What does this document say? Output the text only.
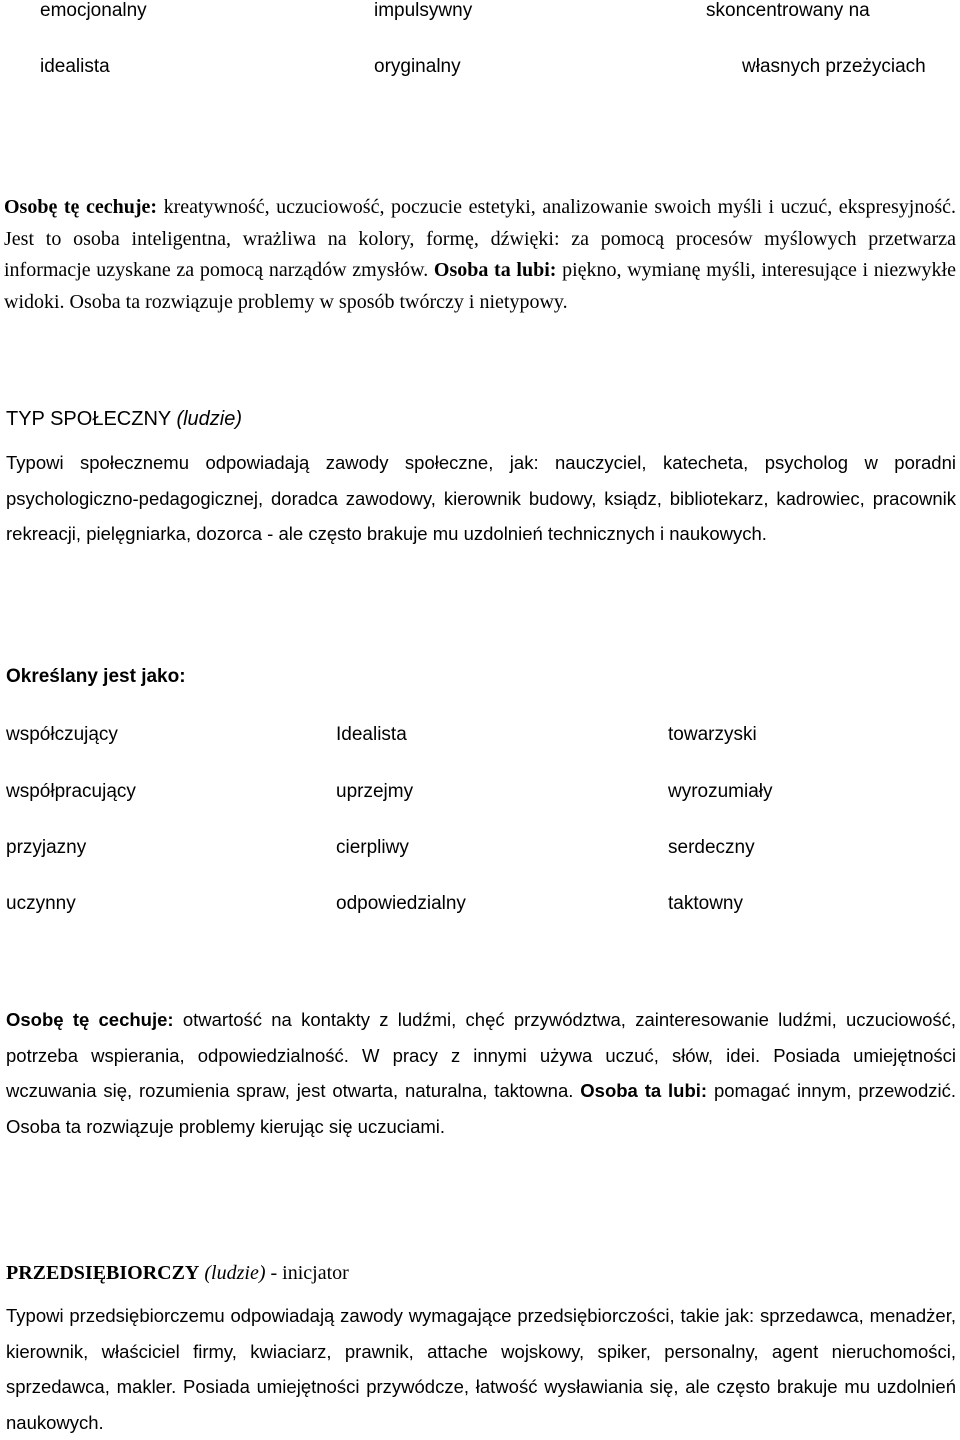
emocjonalny	impulsywny	skoncentrowany na
idealista	oryginalny	własnych przeżyciach
Osobę tę cechuje: kreatywność, uczuciowość, poczucie estetyki, analizowanie swoich myśli i uczuć, ekspresyjność. Jest to osoba inteligentna, wrażliwa na kolory, formę, dźwięki: za pomocą procesów myślowych przetwarza informacje uzyskane za pomocą narządów zmysłów. Osoba ta lubi: piękno, wymianę myśli, interesujące i niezwykłe widoki. Osoba ta rozwiązuje problemy w sposób twórczy i nietypowy.
TYP SPOŁECZNY (ludzie)
Typowi społecznemu odpowiadają zawody społeczne, jak: nauczyciel, katecheta, psycholog w poradni psychologiczno-pedagogicznej, doradca zawodowy, kierownik budowy, ksiądz, bibliotekarz, kadrowiec, pracownik rekreacji, pielęgniarka, dozorca - ale często brakuje mu uzdolnień technicznych i naukowych.
Określany jest jako:
współczujący	Idealista	towarzyski
współpracujący	uprzejmy	wyrozumiały
przyjazny	cierpliwy	serdeczny
uczynny	odpowiedzialny	taktowny
Osobę tę cechuje: otwartość na kontakty z ludźmi, chęć przywództwa, zainteresowanie ludźmi, uczuciowość, potrzeba wspierania, odpowiedzialność. W pracy z innymi używa uczuć, słów, idei. Posiada umiejętności wczuwania się, rozumienia spraw, jest otwarta, naturalna, taktowna. Osoba ta lubi: pomagać innym, przewodzić. Osoba ta rozwiązuje problemy kierując się uczuciami.
PRZEDSIĘBIORCZY (ludzie) - inicjator
Typowi przedsiębiorczemu odpowiadają zawody wymagające przedsiębiorczości, takie jak: sprzedawca, menadżer, kierownik, właściciel firmy, kwiaciarz, prawnik, attache wojskowy, spiker, personalny, agent nieruchomości, sprzedawca, makler. Posiada umiejętności przywódcze, łatwość wysławiania się, ale często brakuje mu uzdolnień naukowych.
